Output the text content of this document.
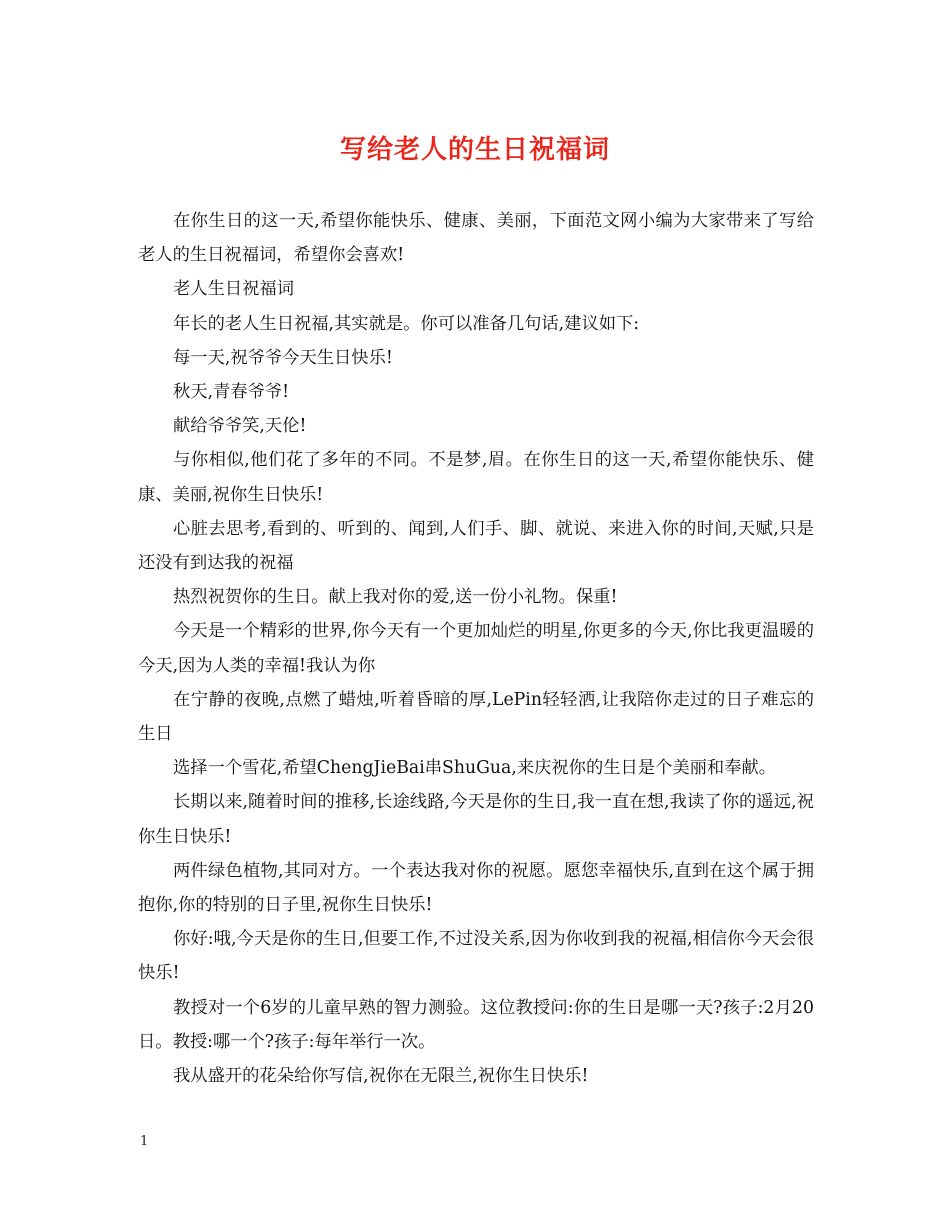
写给老人的生日祝福词

在你生日的这一天,希望你能快乐、健康、美丽，下面范文网小编为大家带来了写给老人的生日祝福词，希望你会喜欢!

老人生日祝福词

年长的老人生日祝福,其实就是。你可以准备几句话,建议如下:

每一天,祝爷爷今天生日快乐!

秋天,青春爷爷!

献给爷爷笑,天伦!

与你相似,他们花了多年的不同。不是梦,眉。在你生日的这一天,希望你能快乐、健康、美丽,祝你生日快乐!

心脏去思考,看到的、听到的、闻到,人们手、脚、就说、来进入你的时间,天赋,只是还没有到达我的祝福

热烈祝贺你的生日。献上我对你的爱,送一份小礼物。保重!

今天是一个精彩的世界,你今天有一个更加灿烂的明星,你更多的今天,你比我更温暖的今天,因为人类的幸福!我认为你

在宁静的夜晚,点燃了蜡烛,听着昏暗的厚,LePin轻轻洒,让我陪你走过的日子难忘的生日

选择一个雪花,希望ChengJieBai串ShuGua,来庆祝你的生日是个美丽和奉献。

长期以来,随着时间的推移,长途线路,今天是你的生日,我一直在想,我读了你的遥远,祝你生日快乐!

两件绿色植物,其同对方。一个表达我对你的祝愿。愿您幸福快乐,直到在这个属于拥抱你,你的特别的日子里,祝你生日快乐!

你好:哦,今天是你的生日,但要工作,不过没关系,因为你收到我的祝福,相信你今天会很快乐!

教授对一个6岁的儿童早熟的智力测验。这位教授问:你的生日是哪一天?孩子:2月20日。教授:哪一个?孩子:每年举行一次。

我从盛开的花朵给你写信,祝你在无限兰,祝你生日快乐!

1
